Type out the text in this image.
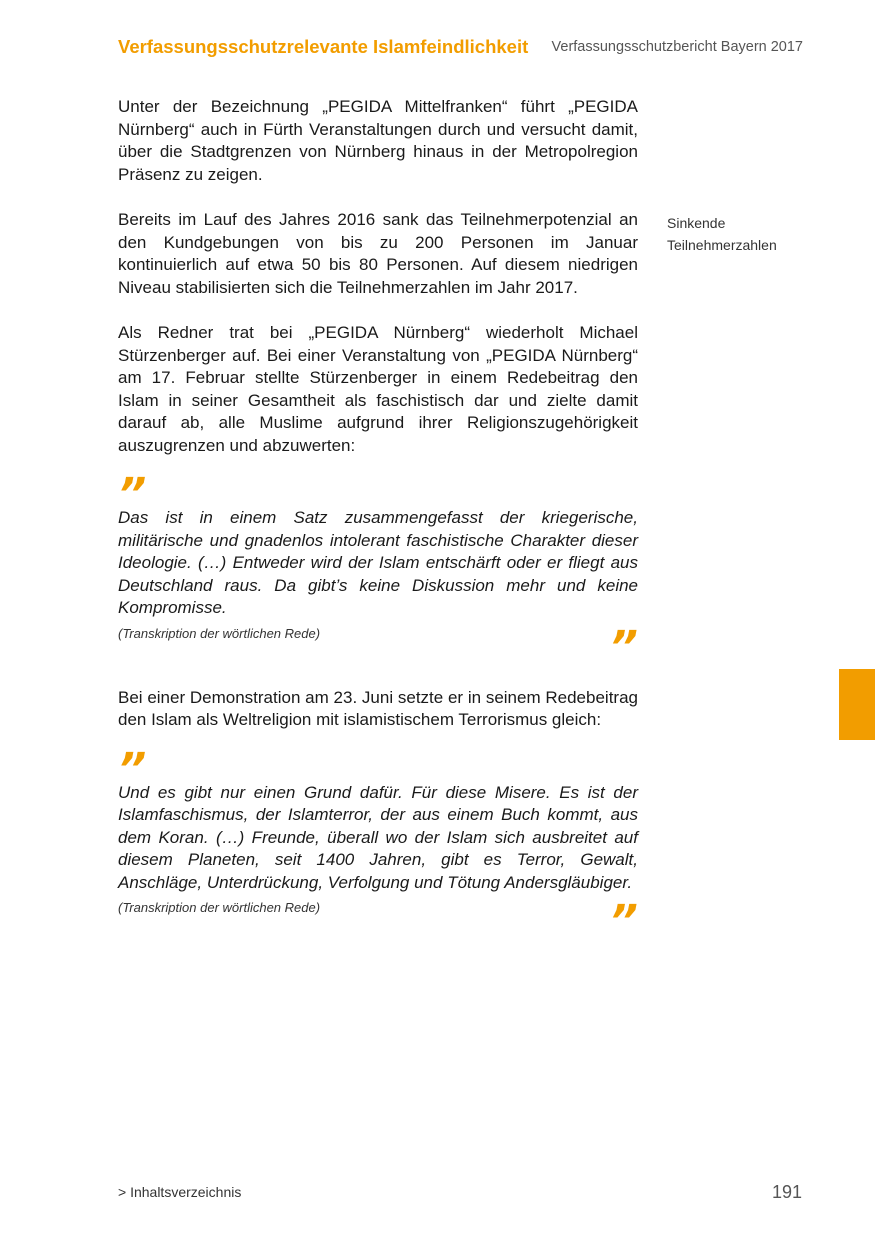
Verfassungsschutzrelevante Islamfeindlichkeit Verfassungsschutzbericht Bayern 2017

Unter der Bezeichnung „PEGIDA Mittelfranken“ führt „PEGIDA Nürnberg“ auch in Fürth Veranstaltungen durch und versucht damit, über die Stadtgrenzen von Nürnberg hinaus in der Metropolregion Präsenz zu zeigen.

Bereits im Lauf des Jahres 2016 sank das Teilnehmerpotenzial an den Kundgebungen von bis zu 200 Personen im Januar kontinuierlich auf etwa 50 bis 80 Personen. Auf diesem niedrigen Niveau stabilisierten sich die Teilnehmerzahlen im Jahr 2017.

Als Redner trat bei „PEGIDA Nürnberg“ wiederholt Michael Stürzenberger auf. Bei einer Veranstaltung von „PEGIDA Nürnberg“ am 17. Februar stellte Stürzenberger in einem Redebeitrag den Islam in seiner Gesamtheit als faschistisch dar und zielte damit darauf ab, alle Muslime aufgrund ihrer Religionszugehörigkeit auszugrenzen und abzuwerten:

”

Das ist in einem Satz zusammengefasst der kriegerische, militärische und gnadenlos intolerant faschistische Charakter dieser Ideologie. (…) Entweder wird der Islam entschärft oder er fliegt aus Deutschland raus. Da gibt’s keine Diskussion mehr und keine Kompromisse.

(Transkription der wörtlichen Rede)	”

Bei einer Demonstration am 23. Juni setzte er in seinem Redebeitrag den Islam als Weltreligion mit islamistischem Terrorismus gleich:

”

Und es gibt nur einen Grund dafür. Für diese Misere. Es ist der Islamfaschismus, der Islamterror, der aus einem Buch kommt, aus dem Koran. (…) Freunde, überall wo der Islam sich ausbreitet auf diesem Planeten, seit 1400 Jahren, gibt es Terror, Gewalt, Anschläge, Unterdrückung, Verfolgung und Tötung Andersgläubiger.

(Transkription der wörtlichen Rede)	”
Sinkende Teilnehmerzahlen
> Inhaltsverzeichnis	191
